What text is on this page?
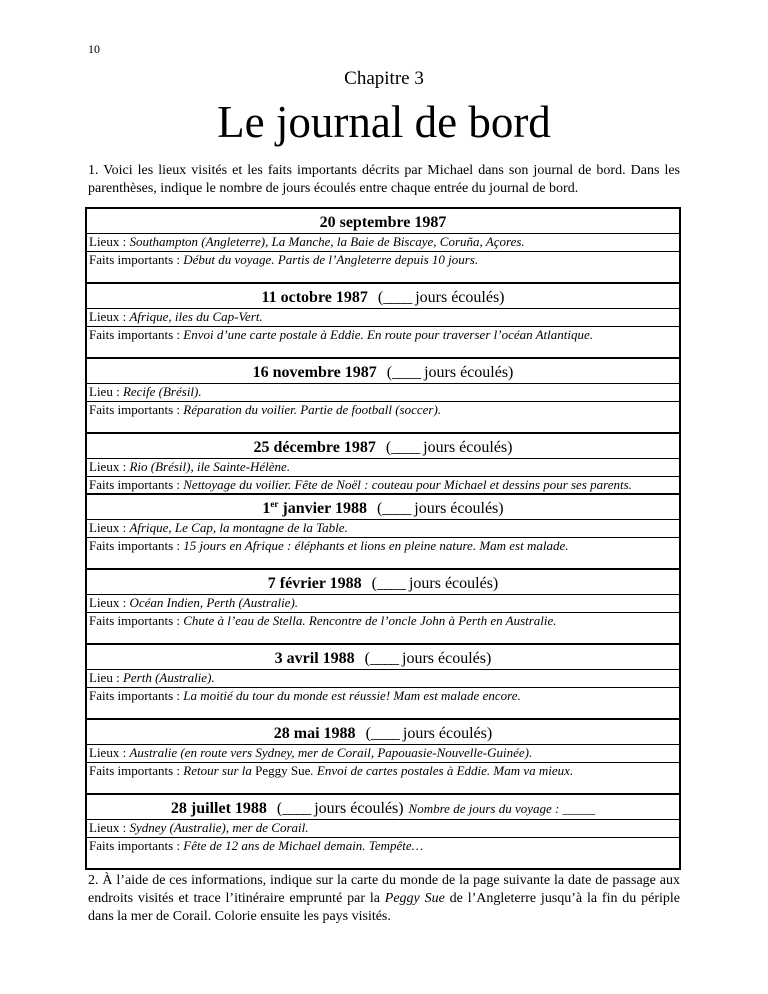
10
Chapitre 3
Le journal de bord
1. Voici les lieux visités et les faits importants décrits par Michael dans son journal de bord. Dans les parenthèses, indique le nombre de jours écoulés entre chaque entrée du journal de bord.
20 septembre 1987
Lieux : Southampton (Angleterre), La Manche, la Baie de Biscaye, Coruña, Açores.
Faits importants : Début du voyage. Partis de l’Angleterre depuis 10 jours.
11 octobre 1987 (____ jours écoulés)
Lieux : Afrique, iles du Cap-Vert.
Faits importants : Envoi d’une carte postale à Eddie. En route pour traverser l’océan Atlantique.
16 novembre 1987 (____ jours écoulés)
Lieu : Recife (Brésil).
Faits importants : Réparation du voilier. Partie de football (soccer).
25 décembre 1987 (____ jours écoulés)
Lieux : Rio (Brésil), ile Sainte-Hélène.
Faits importants : Nettoyage du voilier. Fête de Noël : couteau pour Michael et dessins pour ses parents.
1er janvier 1988 (____ jours écoulés)
Lieux : Afrique, Le Cap, la montagne de la Table.
Faits importants : 15 jours en Afrique : éléphants et lions en pleine nature. Mam est malade.
7 février 1988 (____ jours écoulés)
Lieux : Océan Indien, Perth (Australie).
Faits importants : Chute à l’eau de Stella. Rencontre de l’oncle John à Perth en Australie.
3 avril 1988 (____ jours écoulés)
Lieu : Perth (Australie).
Faits importants : La moitié du tour du monde est réussie! Mam est malade encore.
28 mai 1988 (____ jours écoulés)
Lieux : Australie (en route vers Sydney, mer de Corail, Papouasie-Nouvelle-Guinée).
Faits importants : Retour sur la Peggy Sue. Envoi de cartes postales à Eddie. Mam va mieux.
28 juillet 1988 (____ jours écoulés) Nombre de jours du voyage : _____
Lieux : Sydney (Australie), mer de Corail.
Faits importants : Fête de 12 ans de Michael demain. Tempête…
2. À l’aide de ces informations, indique sur la carte du monde de la page suivante la date de passage aux endroits visités et trace l’itinéraire emprunté par la Peggy Sue de l’Angleterre jusqu’à la fin du périple dans la mer de Corail. Colorie ensuite les pays visités.
